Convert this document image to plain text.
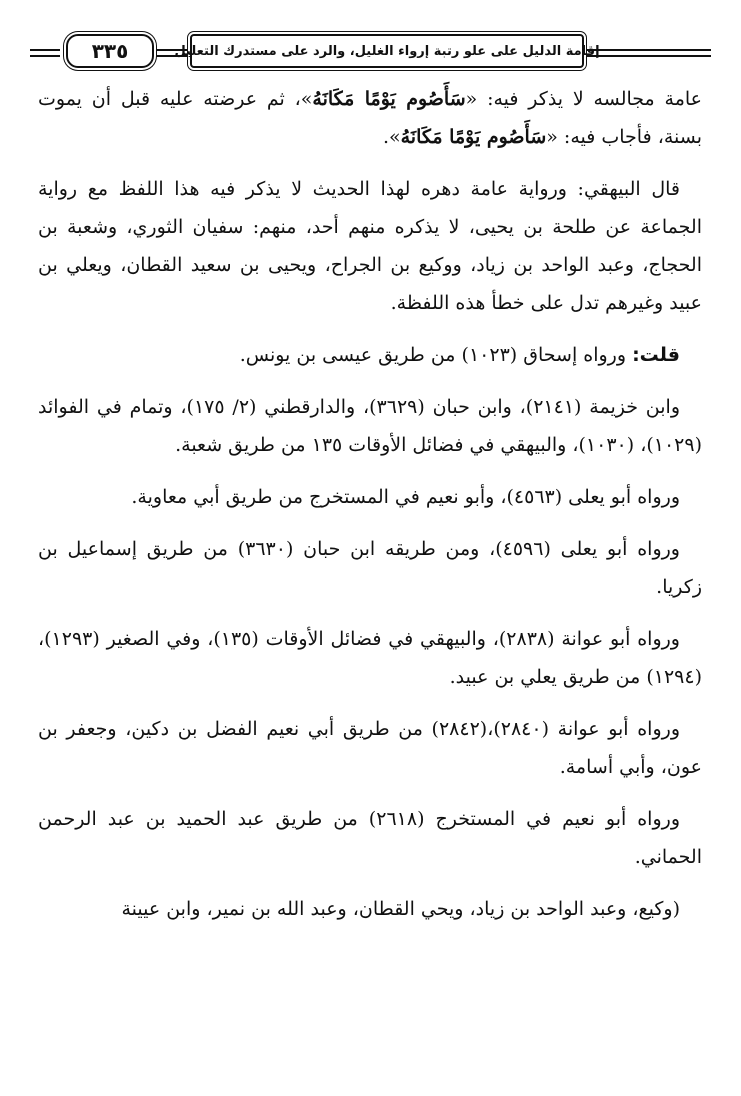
٣٣٥	إقامة الدليل على علو رتبة إرواء الغليل، والرد على مستدرك التعليل

عامة مجالسه لا يذكر فيه: «سَأَصُوم يَوْمًا مَكَانَهُ»، ثم عرضته عليه قبل أن يموت بسنة، فأجاب فيه: «سَأَصُوم يَوْمًا مَكَانَهُ».

قال البيهقي: ورواية عامة دهره لهذا الحديث لا يذكر فيه هذا اللفظ مع رواية الجماعة عن طلحة بن يحيى، لا يذكره منهم أحد، منهم: سفيان الثوري، وشعبة بن الحجاج، وعبد الواحد بن زياد، ووكيع بن الجراح، ويحيى بن سعيد القطان، ويعلي بن عبيد وغيرهم تدل على خطأ هذه اللفظة.

قلت: ورواه إسحاق (١٠٢٣) من طريق عيسى بن يونس.

وابن خزيمة (٢١٤١)، وابن حبان (٣٦٢٩)، والدارقطني (٢/ ١٧٥)، وتمام في الفوائد (١٠٢٩)، (١٠٣٠)، والبيهقي في فضائل الأوقات ١٣٥ من طريق شعبة.

ورواه أبو يعلى (٤٥٦٣)، وأبو نعيم في المستخرج من طريق أبي معاوية.

ورواه أبو يعلى (٤٥٩٦)، ومن طريقه ابن حبان (٣٦٣٠) من طريق إسماعيل بن زكريا.

ورواه أبو عوانة (٢٨٣٨)، والبيهقي في فضائل الأوقات (١٣٥)، وفي الصغير (١٢٩٣)، (١٢٩٤) من طريق يعلي بن عبيد.

ورواه أبو عوانة (٢٨٤٠)،(٢٨٤٢) من طريق أبي نعيم الفضل بن دكين، وجعفر بن عون، وأبي أسامة.

ورواه أبو نعيم في المستخرج (٢٦١٨) من طريق عبد الحميد بن عبد الرحمن الحماني.

(وكيع، وعبد الواحد بن زياد، ويحي القطان، وعبد الله بن نمير، وابن عيينة
